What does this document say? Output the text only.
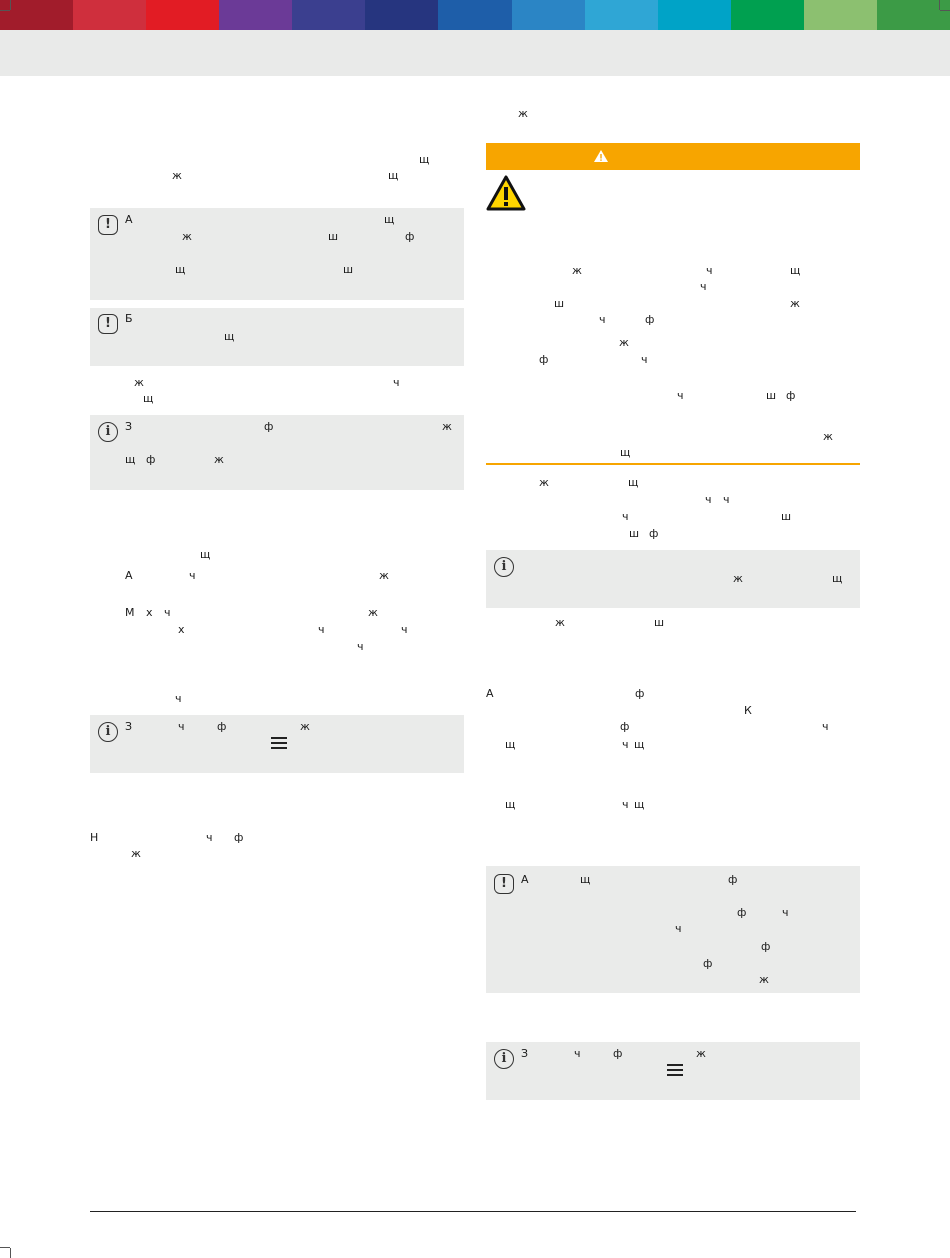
щ
ж	щ
!	А	щ
ж	ш	ф
щ	ш
!	Б
щ
ж	ч
щ
i	З	ф	ж
щ ф	ж
щ
А	ч	ж
М х ч	ж
х	ч	ч
ч
ч
i	З	ч	ф	ж
Н	ч ф
ж
ж
ж	ч	щ
ч
ш	ж
ч	ф
ж
ф	ч
ч	ш ф
ж
щ
ж	щ
ч ч
ч	ш
ш ф
i
ж	щ
ж	ш
А	ф
К
ф	ч
щ	ч щ
щ	ч щ
!	А	щ	ф
ф	ч
ч
ф
ф
ж
i	З	ч	ф	ж
